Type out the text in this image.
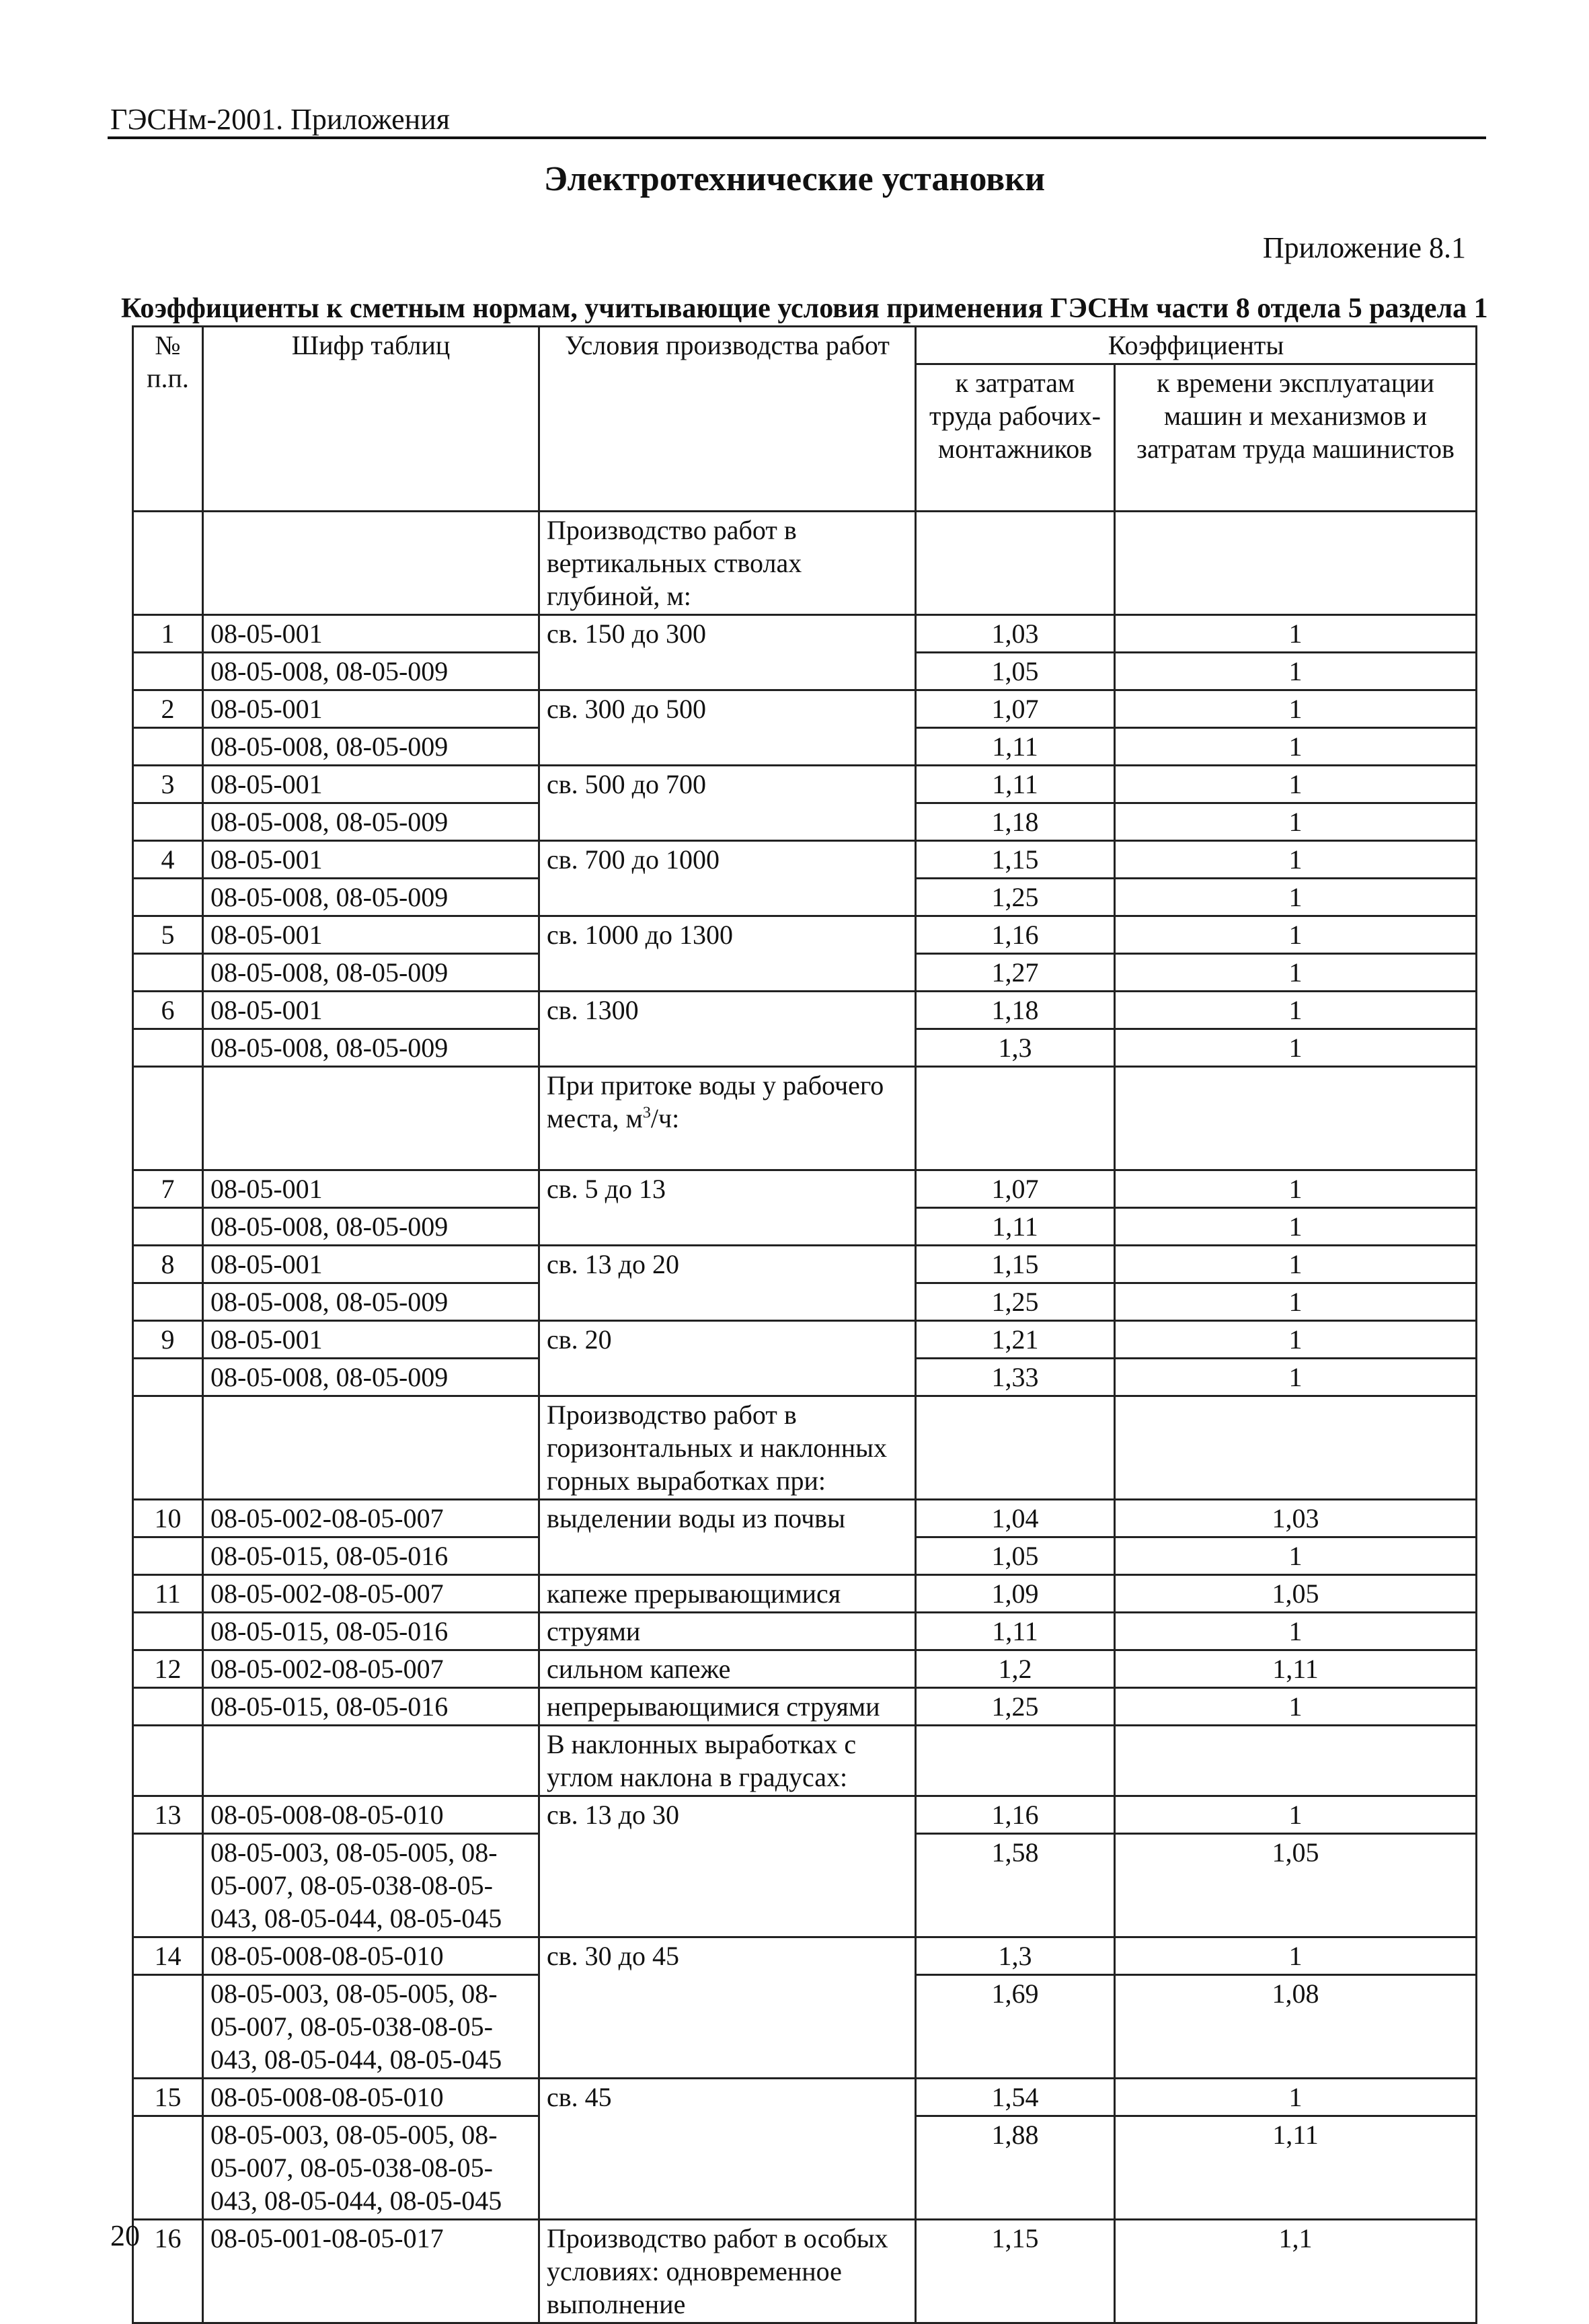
ГЭСНм-2001. Приложения
Электротехнические установки
Приложение 8.1
Коэффициенты к сметным нормам, учитывающие условия применения ГЭСНм части 8 отдела 5 раздела 1
№ п.п.	Шифр таблиц	Условия производства работ	Коэффициенты	
			к затратам труда рабочих-монтажников	к времени эксплуатации машин и механизмов и затратам труда машинистов
		Производство работ в вертикальных стволах глубиной, м:		
1	08-05-001	св. 150 до 300	1,03	1
	08-05-008, 08-05-009		1,05	1
2	08-05-001	св. 300 до 500	1,07	1
	08-05-008, 08-05-009		1,11	1
3	08-05-001	св. 500 до 700	1,11	1
	08-05-008, 08-05-009		1,18	1
4	08-05-001	св. 700 до 1000	1,15	1
	08-05-008, 08-05-009		1,25	1
5	08-05-001	св. 1000 до 1300	1,16	1
	08-05-008, 08-05-009		1,27	1
6	08-05-001	св. 1300	1,18	1
	08-05-008, 08-05-009		1,3	1
		При притоке воды у рабочего места, $м^3/ч$:		
7	08-05-001	св. 5 до 13	1,07	1
	08-05-008, 08-05-009		1,11	1
8	08-05-001	св. 13 до 20	1,15	1
	08-05-008, 08-05-009		1,25	1
9	08-05-001	св. 20	1,21	1
	08-05-008, 08-05-009		1,33	1
		Производство работ в горизонтальных и наклонных горных выработках при:		
10	08-05-002-08-05-007	выделении воды из почвы	1,04	1,03
	08-05-015, 08-05-016		1,05	1
11	08-05-002-08-05-007	капеже прерывающимися	1,09	1,05
	08-05-015, 08-05-016	струями	1,11	1
12	08-05-002-08-05-007	сильном капеже	1,2	1,11
	08-05-015, 08-05-016	непрерывающимися струями	1,25	1
		В наклонных выработках с углом наклона в градусах:		
13	08-05-008-08-05-010	св. 13 до 30	1,16	1
	08-05-003, 08-05-005, 08-05-007, 08-05-038-08-05-043, 08-05-044, 08-05-045		1,58	1,05
14	08-05-008-08-05-010	св. 30 до 45	1,3	1
	08-05-003, 08-05-005, 08-05-007, 08-05-038-08-05-043, 08-05-044, 08-05-045		1,69	1,08
15	08-05-008-08-05-010	св. 45	1,54	1
	08-05-003, 08-05-005, 08-05-007, 08-05-038-08-05-043, 08-05-044, 08-05-045		1,88	1,11
16	08-05-001-08-05-017	Производство работ в особых условиях: одновременное выполнение	1,15	1,1
20
